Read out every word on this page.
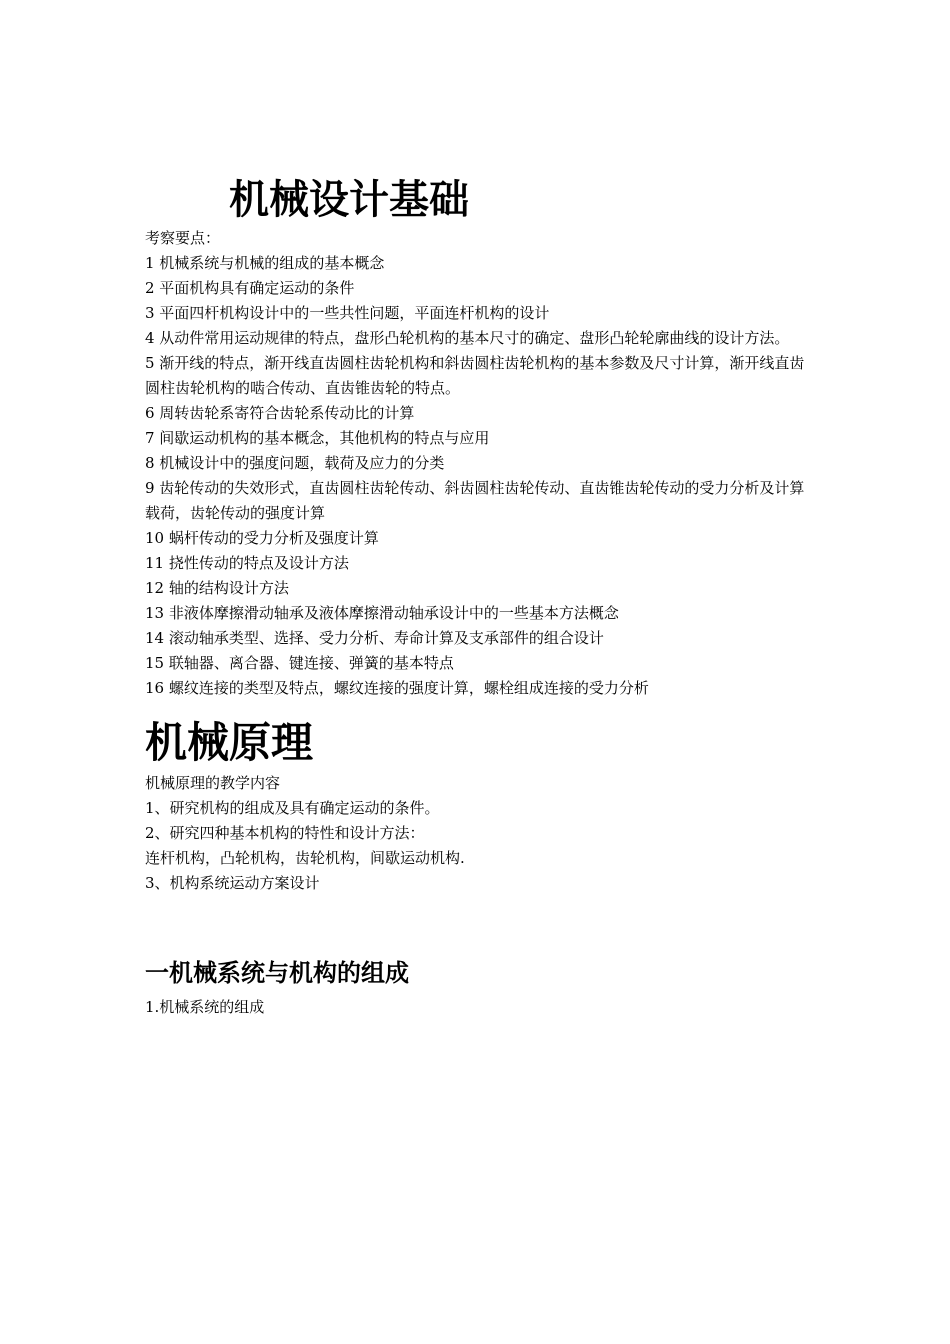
机械设计基础

考察要点：

1 机械系统与机械的组成的基本概念

2 平面机构具有确定运动的条件

3 平面四杆机构设计中的一些共性问题，平面连杆机构的设计

4 从动件常用运动规律的特点，盘形凸轮机构的基本尺寸的确定、盘形凸轮轮廓曲线的设计方法。

5 渐开线的特点，渐开线直齿圆柱齿轮机构和斜齿圆柱齿轮机构的基本参数及尺寸计算，渐开线直齿圆柱齿轮机构的啮合传动、直齿锥齿轮的特点。

6 周转齿轮系寄符合齿轮系传动比的计算

7 间歇运动机构的基本概念，其他机构的特点与应用

8 机械设计中的强度问题，载荷及应力的分类

9 齿轮传动的失效形式，直齿圆柱齿轮传动、斜齿圆柱齿轮传动、直齿锥齿轮传动的受力分析及计算载荷，齿轮传动的强度计算

10 蜗杆传动的受力分析及强度计算

11 挠性传动的特点及设计方法

12 轴的结构设计方法

13 非液体摩擦滑动轴承及液体摩擦滑动轴承设计中的一些基本方法概念

14 滚动轴承类型、选择、受力分析、寿命计算及支承部件的组合设计

15 联轴器、离合器、键连接、弹簧的基本特点

16 螺纹连接的类型及特点，螺纹连接的强度计算，螺栓组成连接的受力分析

机械原理

机械原理的教学内容

1、研究机构的组成及具有确定运动的条件。

2、研究四种基本机构的特性和设计方法：

连杆机构，凸轮机构，齿轮机构，间歇运动机构.

3、机构系统运动方案设计

一机械系统与机构的组成

1.机械系统的组成
